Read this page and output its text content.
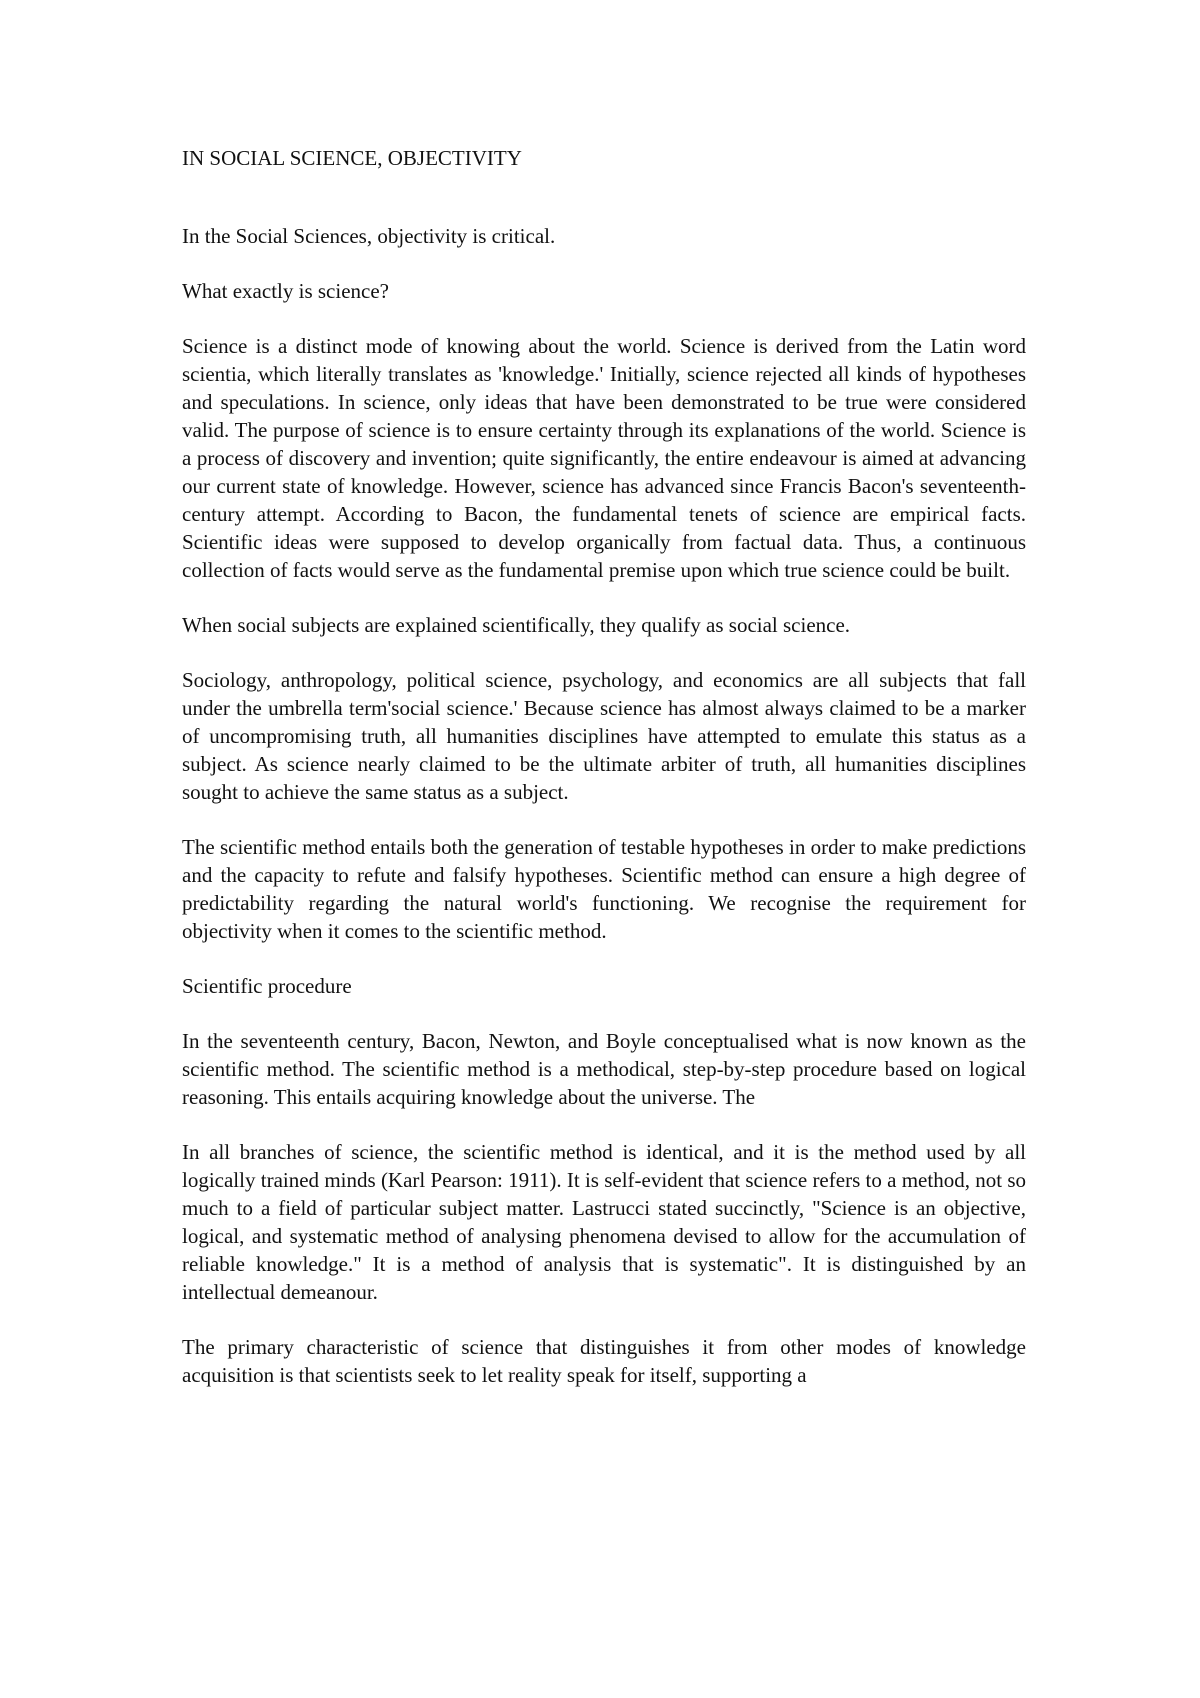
IN SOCIAL SCIENCE, OBJECTIVITY

In the Social Sciences, objectivity is critical.

What exactly is science?

Science is a distinct mode of knowing about the world. Science is derived from the Latin word scientia, which literally translates as 'knowledge.' Initially, science rejected all kinds of hypotheses and speculations. In science, only ideas that have been demonstrated to be true were considered valid. The purpose of science is to ensure certainty through its explanations of the world. Science is a process of discovery and invention; quite significantly, the entire endeavour is aimed at advancing our current state of knowledge. However, science has advanced since Francis Bacon's seventeenth-century attempt. According to Bacon, the fundamental tenets of science are empirical facts. Scientific ideas were supposed to develop organically from factual data. Thus, a continuous collection of facts would serve as the fundamental premise upon which true science could be built.

When social subjects are explained scientifically, they qualify as social science.

Sociology, anthropology, political science, psychology, and economics are all subjects that fall under the umbrella term'social science.' Because science has almost always claimed to be a marker of uncompromising truth, all humanities disciplines have attempted to emulate this status as a subject. As science nearly claimed to be the ultimate arbiter of truth, all humanities disciplines sought to achieve the same status as a subject.

The scientific method entails both the generation of testable hypotheses in order to make predictions and the capacity to refute and falsify hypotheses. Scientific method can ensure a high degree of predictability regarding the natural world's functioning. We recognise the requirement for objectivity when it comes to the scientific method.

Scientific procedure

In the seventeenth century, Bacon, Newton, and Boyle conceptualised what is now known as the scientific method. The scientific method is a methodical, step-by-step procedure based on logical reasoning. This entails acquiring knowledge about the universe. The

In all branches of science, the scientific method is identical, and it is the method used by all logically trained minds (Karl Pearson: 1911). It is self-evident that science refers to a method, not so much to a field of particular subject matter. Lastrucci stated succinctly, "Science is an objective, logical, and systematic method of analysing phenomena devised to allow for the accumulation of reliable knowledge." It is a method of analysis that is systematic". It is distinguished by an intellectual demeanour.

The primary characteristic of science that distinguishes it from other modes of knowledge acquisition is that scientists seek to let reality speak for itself, supporting a
